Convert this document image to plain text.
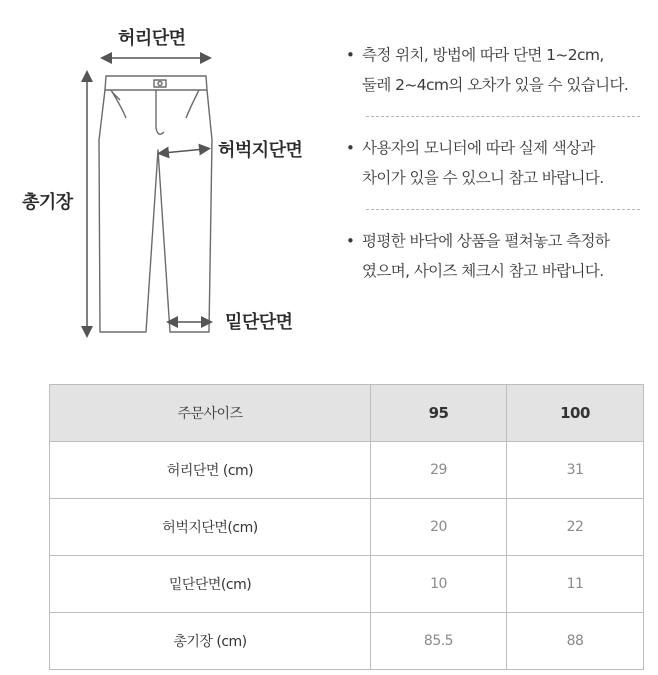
허리단면
허벅지단면
밑단단면
총기장
• 측정 위치, 방법에 따라 단면 1~2cm,
둘레 2~4cm의 오차가 있을 수 있습니다.
• 사용자의 모니터에 따라 실제 색상과
차이가 있을 수 있으니 참고 바랍니다.
• 평평한 바닥에 상품을 펼쳐놓고 측정하
였으며, 사이즈 체크시 참고 바랍니다.
주문사이즈	95	100
허리단면 (cm)	29	31
허벅지단면(cm)	20	22
밑단단면(cm)	10	11
총기장 (cm)	85.5	88
